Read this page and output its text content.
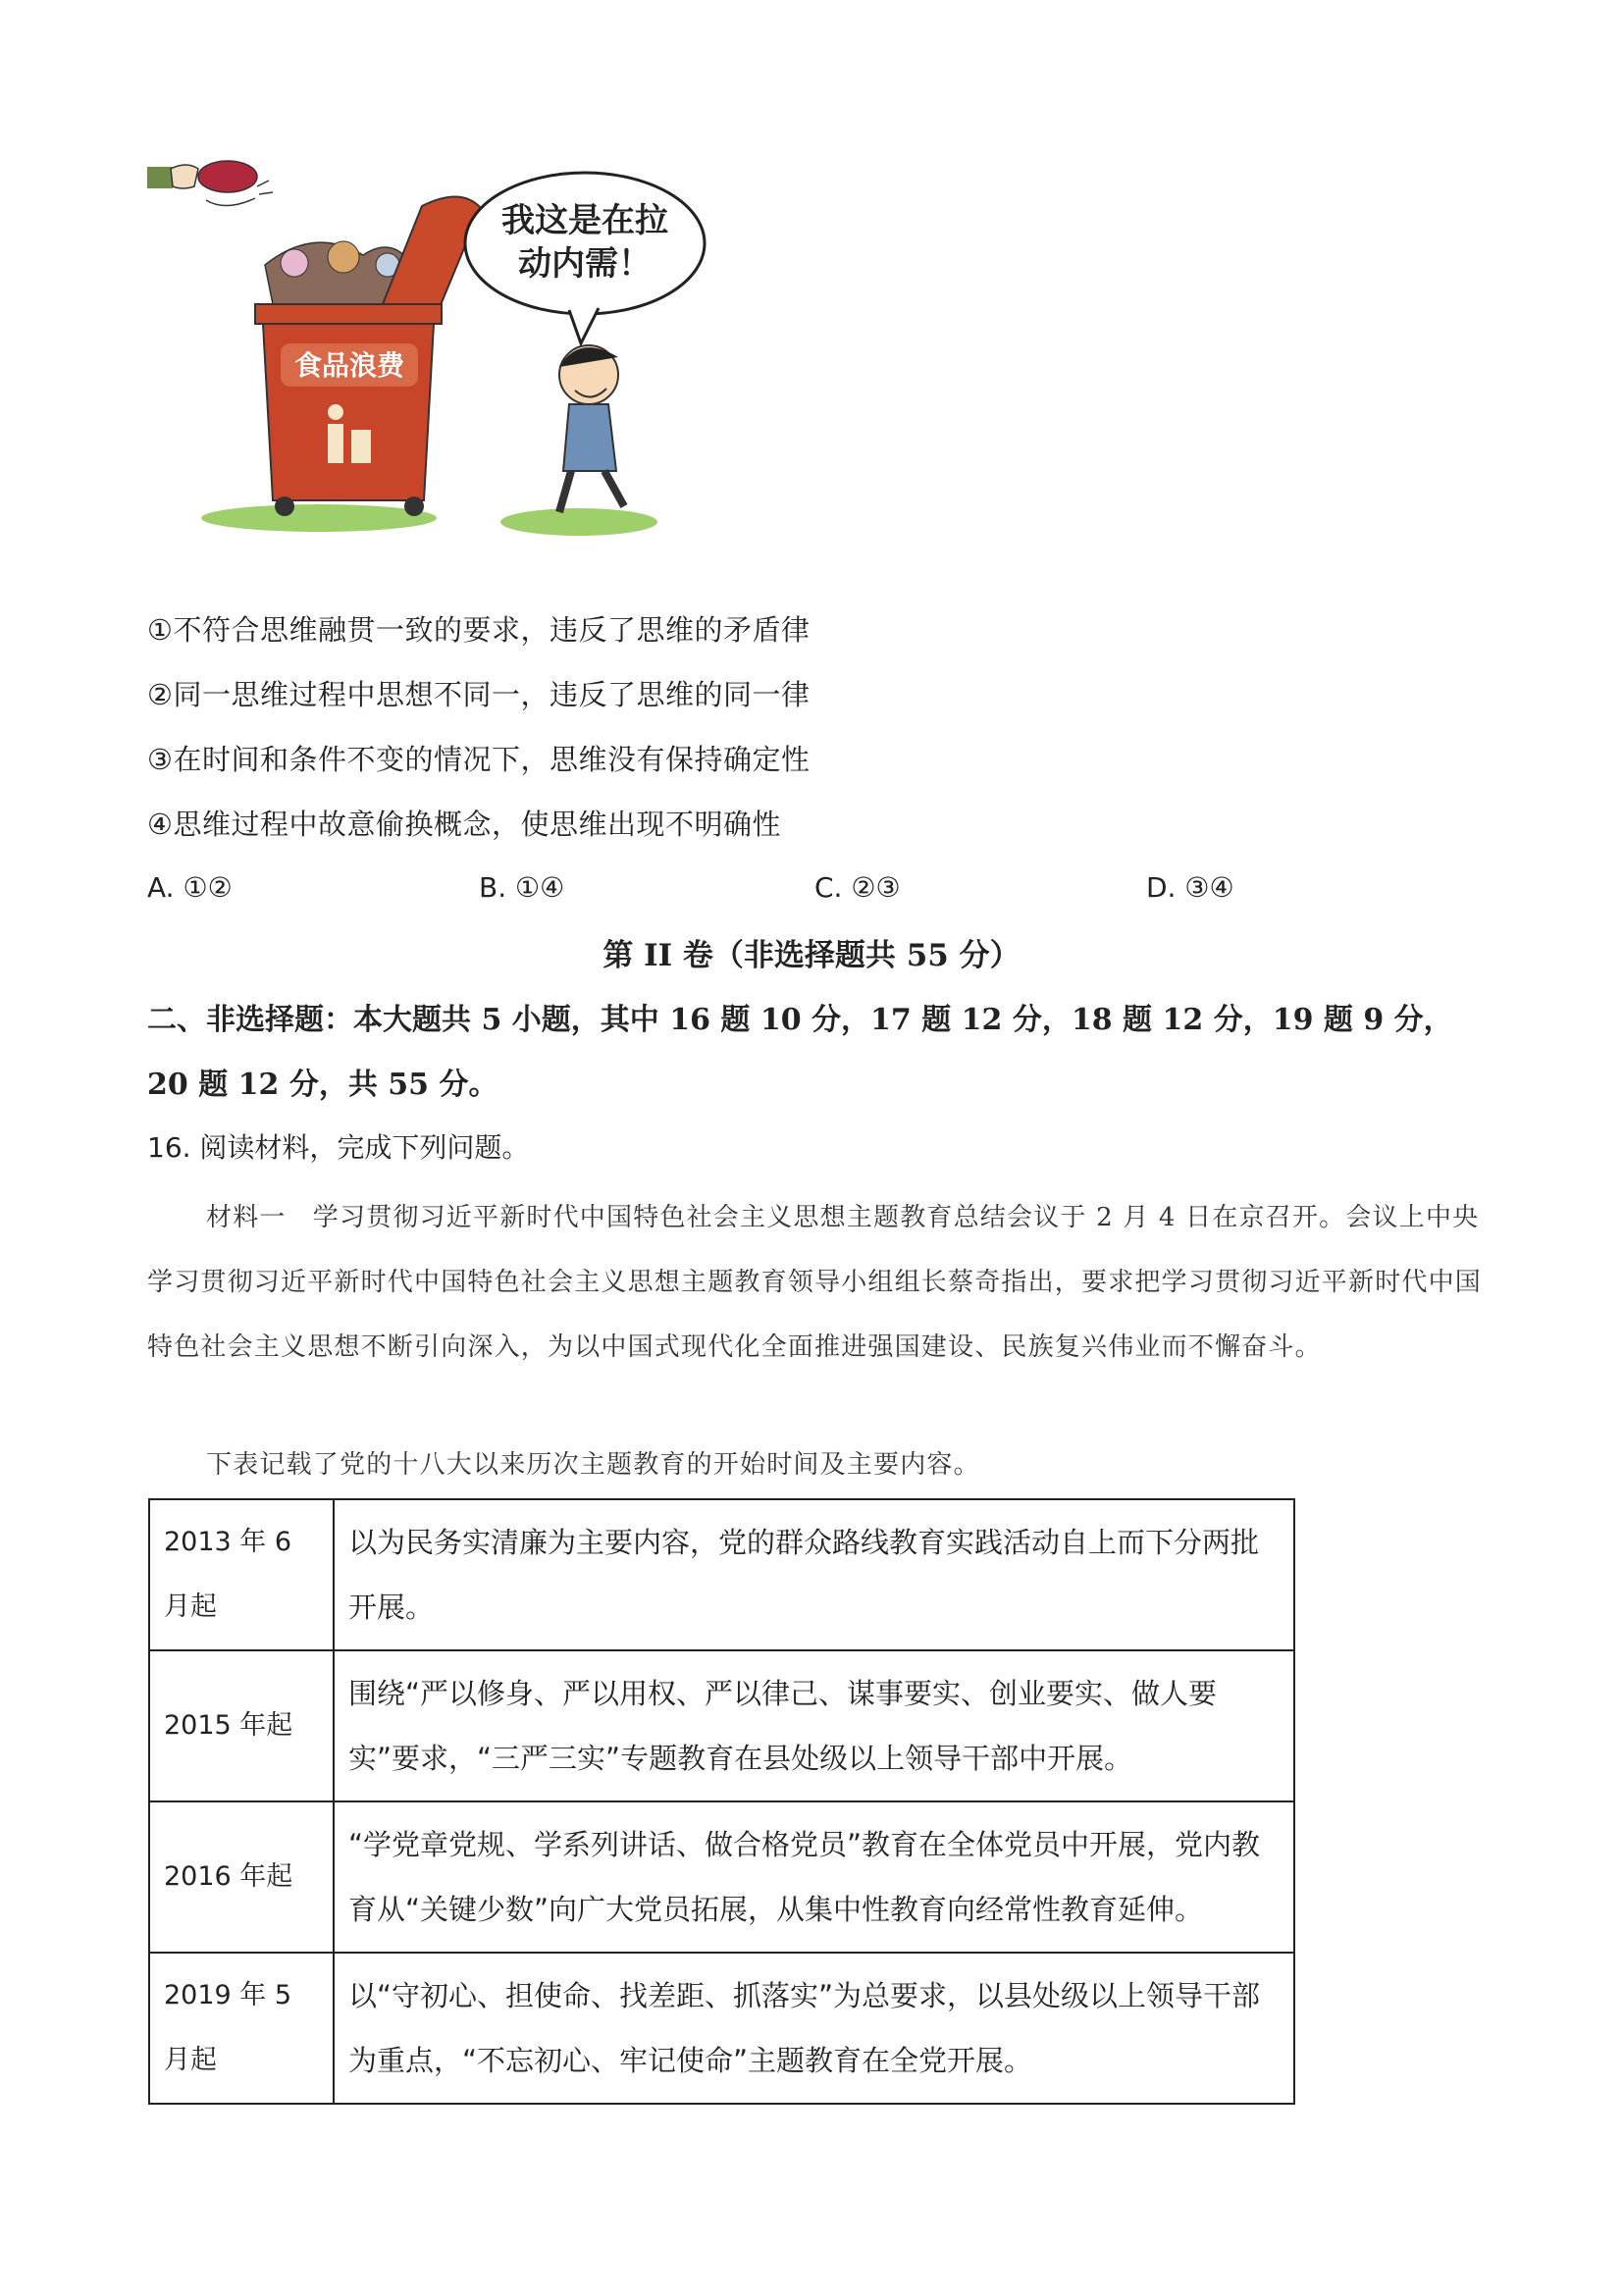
食品浪费
我这是在拉
动内需！
①不符合思维融贯一致的要求，违反了思维的矛盾律
②同一思维过程中思想不同一，违反了思维的同一律
③在时间和条件不变的情况下，思维没有保持确定性
④思维过程中故意偷换概念，使思维出现不明确性
A. ①②	B. ①④	C. ②③	D. ③④
第 II 卷（非选择题共 55 分）
二、非选择题：本大题共 5 小题，其中 16 题 10 分，17 题 12 分，18 题 12 分，19 题 9 分，
20 题 12 分，共 55 分。
16. 阅读材料，完成下列问题。
材料一　学习贯彻习近平新时代中国特色社会主义思想主题教育总结会议于 2 月 4 日在京召开。会议上中央学习贯彻习近平新时代中国特色社会主义思想主题教育领导小组组长蔡奇指出，要求把学习贯彻习近平新时代中国特色社会主义思想不断引向深入，为以中国式现代化全面推进强国建设、民族复兴伟业而不懈奋斗。
下表记载了党的十八大以来历次主题教育的开始时间及主要内容。
2013 年 6 月起	以为民务实清廉为主要内容，党的群众路线教育实践活动自上而下分两批开展。
2015 年起	围绕“严以修身、严以用权、严以律己、谋事要实、创业要实、做人要实”要求，“三严三实”专题教育在县处级以上领导干部中开展。
2016 年起	“学党章党规、学系列讲话、做合格党员”教育在全体党员中开展，党内教育从“关键少数”向广大党员拓展，从集中性教育向经常性教育延伸。
2019 年 5 月起	以“守初心、担使命、找差距、抓落实”为总要求，以县处级以上领导干部为重点，“不忘初心、牢记使命”主题教育在全党开展。
